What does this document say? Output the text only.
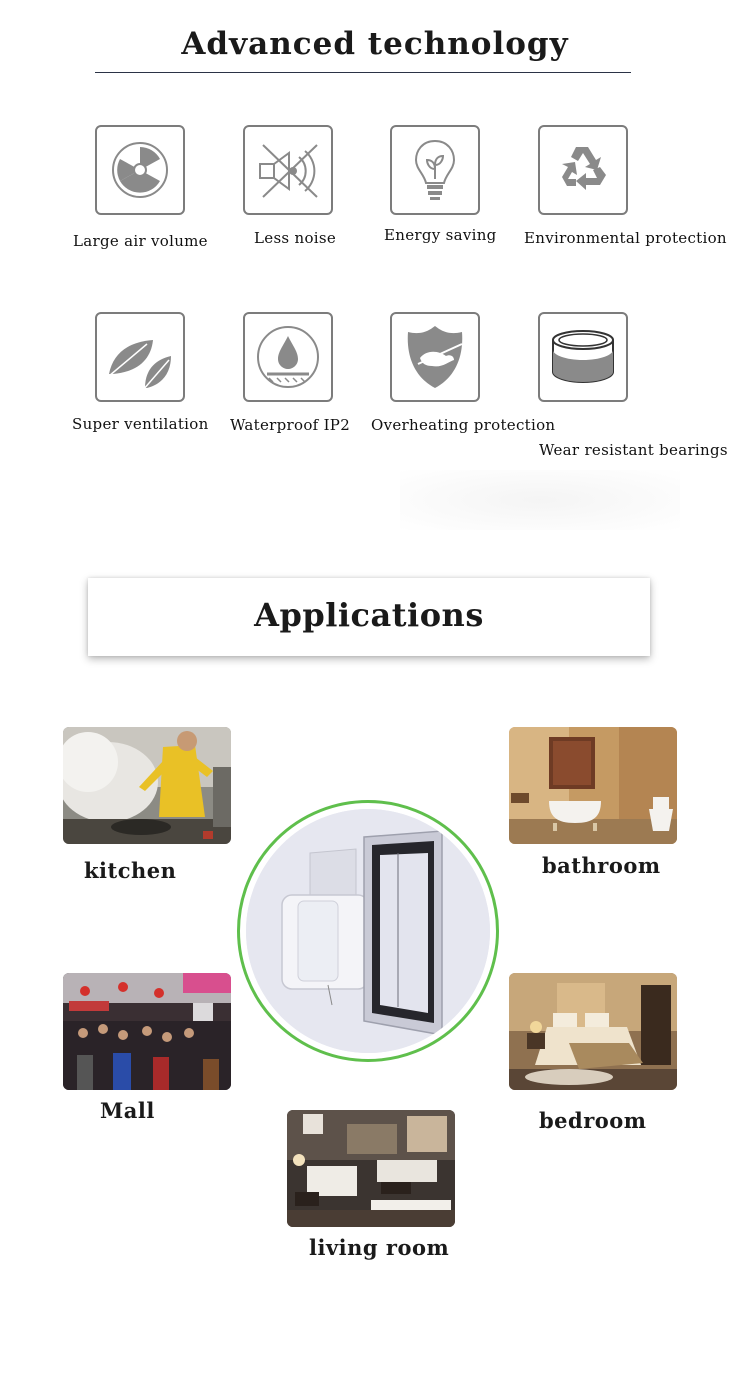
Advanced technology
Large air volume	Less noise	Energy saving Environmental protection
Super ventilation Waterproof IP2 Overheating protection
Wear resistant bearings
Applications
kitchen	bathroom
Mall	bedroom
living room
